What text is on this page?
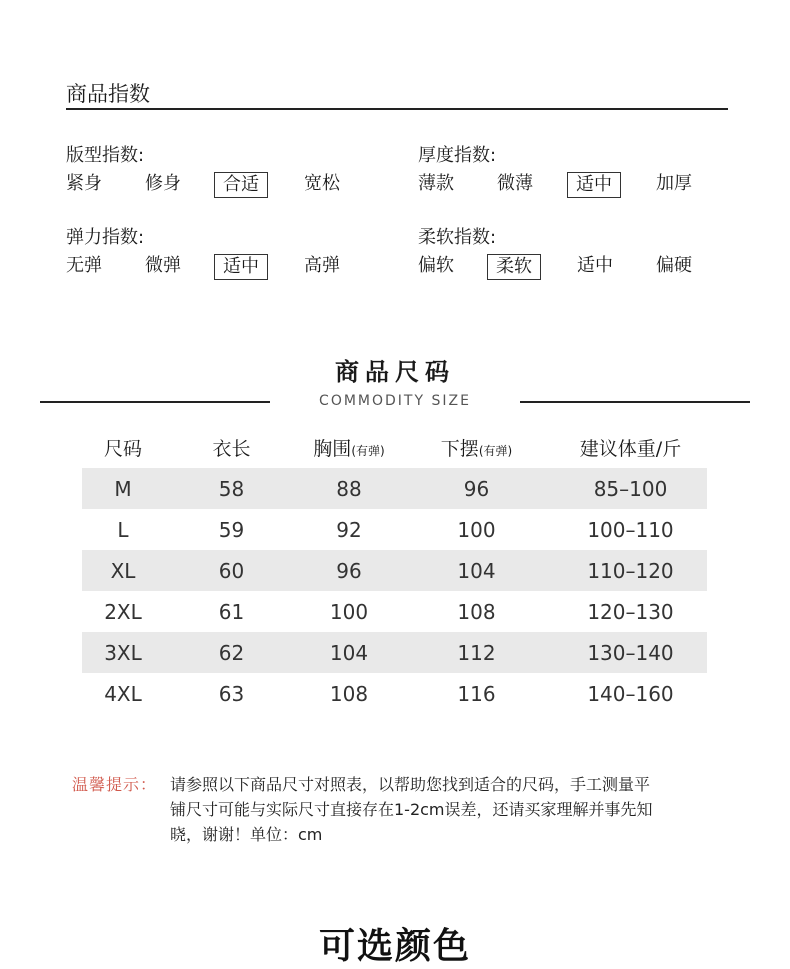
商品指数
版型指数:
紧身 修身	合适	宽松
厚度指数:
薄款 微薄	适中	加厚
弹力指数:
无弹 微弹	适中	高弹
柔软指数:
偏软	柔软	适中 偏硬
商品尺码
COMMODITY SIZE
尺码	衣长	胸围(有弹)	下摆(有弹)	建议体重/斤
M	58	88	96	85–100
L	59	92	100	100–110
XL	60	96	104	110–120
2XL	61	100	108	120–130
3XL	62	104	112	130–140
4XL	63	108	116	140–160
温馨提示： 请参照以下商品尺寸对照表，以帮助您找到适合的尺码，手工测量平
铺尺寸可能与实际尺寸直接存在1-2cm误差，还请买家理解并事先知
晓，谢谢！单位：cm
可选颜色
